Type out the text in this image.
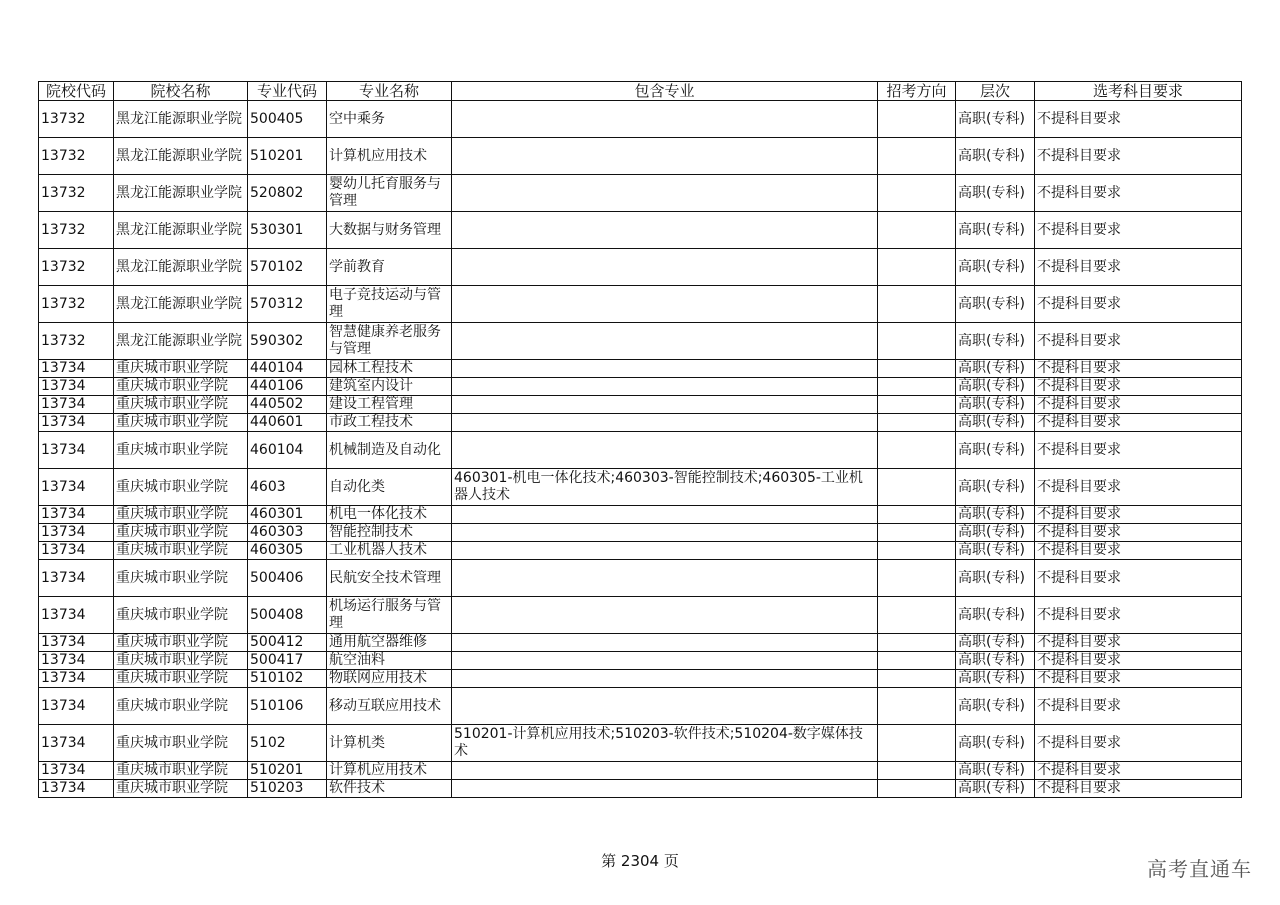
院校代码	院校名称	专业代码	专业名称	包含专业	招考方向	层次	选考科目要求

13732	黑龙江能源职业学院	500405	空中乘务			高职(专科)	不提科目要求

13732	黑龙江能源职业学院	510201	计算机应用技术			高职(专科)	不提科目要求

13732	黑龙江能源职业学院	520802	婴幼儿托育服务与管理			高职(专科)	不提科目要求

13732	黑龙江能源职业学院	530301	大数据与财务管理			高职(专科)	不提科目要求

13732	黑龙江能源职业学院	570102	学前教育			高职(专科)	不提科目要求

13732	黑龙江能源职业学院	570312	电子竞技运动与管理			高职(专科)	不提科目要求

13732	黑龙江能源职业学院	590302	智慧健康养老服务与管理			高职(专科)	不提科目要求

13734	重庆城市职业学院	440104	园林工程技术			高职(专科)	不提科目要求

13734	重庆城市职业学院	440106	建筑室内设计			高职(专科)	不提科目要求

13734	重庆城市职业学院	440502	建设工程管理			高职(专科)	不提科目要求

13734	重庆城市职业学院	440601	市政工程技术			高职(专科)	不提科目要求

13734	重庆城市职业学院	460104	机械制造及自动化			高职(专科)	不提科目要求

13734	重庆城市职业学院	4603	自动化类	460301-机电一体化技术;460303-智能控制技术;460305-工业机器人技术		高职(专科)	不提科目要求

13734	重庆城市职业学院	460301	机电一体化技术			高职(专科)	不提科目要求

13734	重庆城市职业学院	460303	智能控制技术			高职(专科)	不提科目要求

13734	重庆城市职业学院	460305	工业机器人技术			高职(专科)	不提科目要求

13734	重庆城市职业学院	500406	民航安全技术管理			高职(专科)	不提科目要求

13734	重庆城市职业学院	500408	机场运行服务与管理			高职(专科)	不提科目要求

13734	重庆城市职业学院	500412	通用航空器维修			高职(专科)	不提科目要求

13734	重庆城市职业学院	500417	航空油料			高职(专科)	不提科目要求

13734	重庆城市职业学院	510102	物联网应用技术			高职(专科)	不提科目要求

13734	重庆城市职业学院	510106	移动互联应用技术			高职(专科)	不提科目要求

13734	重庆城市职业学院	5102	计算机类	510201-计算机应用技术;510203-软件技术;510204-数字媒体技术		高职(专科)	不提科目要求

13734	重庆城市职业学院	510201	计算机应用技术			高职(专科)	不提科目要求

13734	重庆城市职业学院	510203	软件技术			高职(专科)	不提科目要求
第 2304 页	高考直通车
